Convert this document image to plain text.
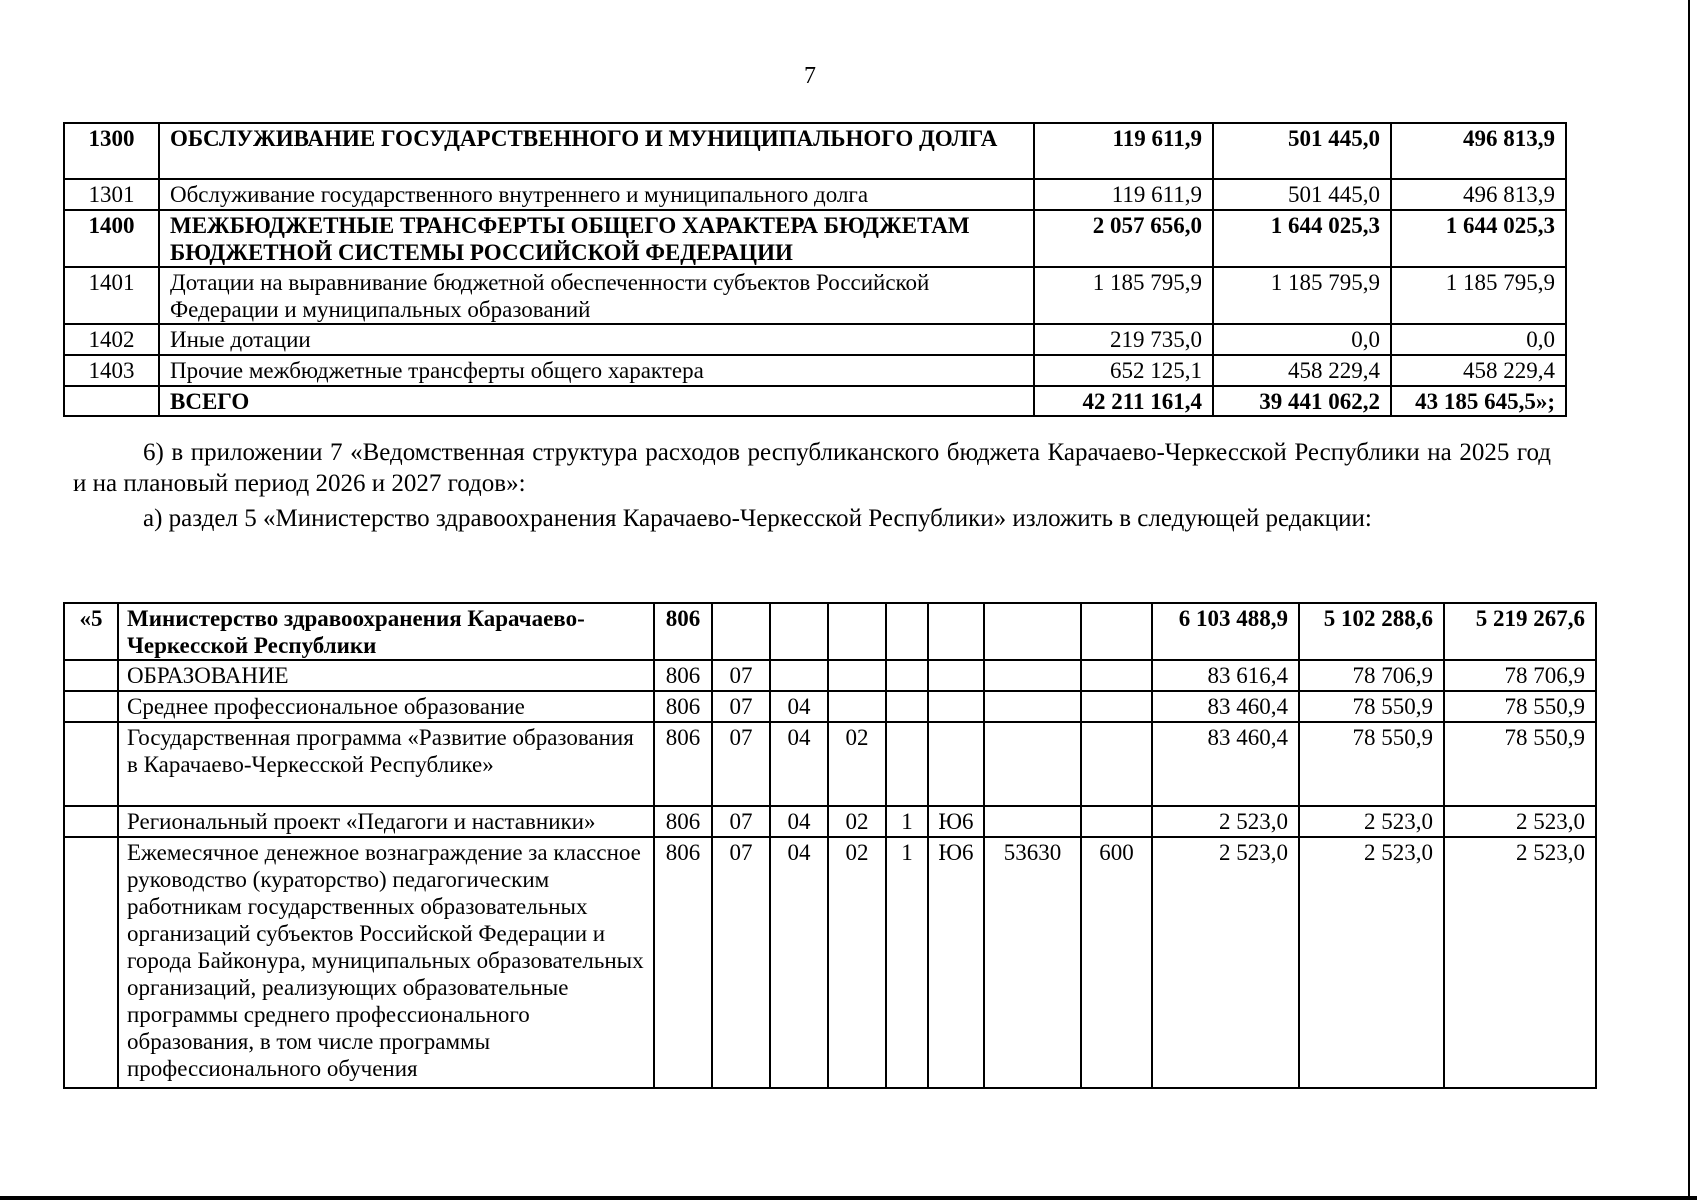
7
1300	ОБСЛУЖИВАНИЕ ГОСУДАРСТВЕННОГО И МУНИЦИПАЛЬНОГО ДОЛГА	119 611,9	501 445,0	496 813,9
1301	Обслуживание государственного внутреннего и муниципального долга	119 611,9	501 445,0	496 813,9
1400	МЕЖБЮДЖЕТНЫЕ ТРАНСФЕРТЫ ОБЩЕГО ХАРАКТЕРА БЮДЖЕТАМ БЮДЖЕТНОЙ СИСТЕМЫ РОССИЙСКОЙ ФЕДЕРАЦИИ	2 057 656,0	1 644 025,3	1 644 025,3
1401	Дотации на выравнивание бюджетной обеспеченности субъектов Российской Федерации и муниципальных образований	1 185 795,9	1 185 795,9	1 185 795,9
1402	Иные дотации	219 735,0	0,0	0,0
1403	Прочие межбюджетные трансферты общего характера	652 125,1	458 229,4	458 229,4
	ВСЕГО	42 211 161,4	39 441 062,2	43 185 645,5»;
6) в приложении 7 «Ведомственная структура расходов республиканского бюджета Карачаево-Черкесской Республики на 2025 год и на плановый период 2026 и 2027 годов»:
а) раздел 5 «Министерство здравоохранения Карачаево-Черкесской Республики» изложить в следующей редакции:
«5	Министерство здравоохранения Карачаево-Черкесской Республики	806								6 103 488,9	5 102 288,6	5 219 267,6
	ОБРАЗОВАНИЕ	806	07							83 616,4	78 706,9	78 706,9
	Среднее профессиональное образование	806	07	04						83 460,4	78 550,9	78 550,9
	Государственная программа «Развитие образования в Карачаево-Черкесской Республике»	806	07	04	02					83 460,4	78 550,9	78 550,9
	Региональный проект «Педагоги и наставники»	806	07	04	02	1	Ю6			2 523,0	2 523,0	2 523,0
	Ежемесячное денежное вознаграждение за классное руководство (кураторство) педагогическим работникам государственных образовательных организаций субъектов Российской Федерации и города Байконура, муниципальных образовательных организаций, реализующих образовательные программы среднего профессионального образования, в том числе программы профессионального обучения	806	07	04	02	1	Ю6	53630	600	2 523,0	2 523,0	2 523,0
